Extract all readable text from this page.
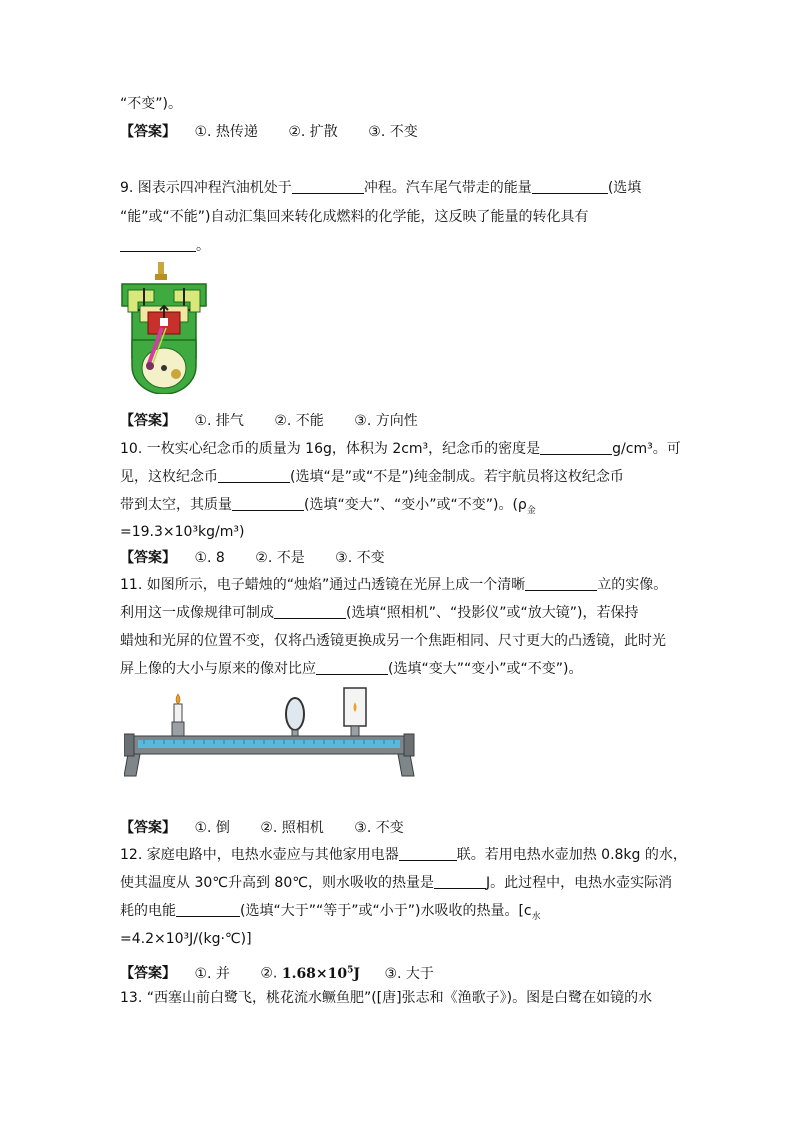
“不变”)。
【答案】 ①. 热传递 ②. 扩散 ③. 不变
9. 图表示四冲程汽油机处于	冲程。汽车尾气带走的能量	(选填
“能”或“不能”)自动汇集回来转化成燃料的化学能，这反映了能量的转化具有
。
【答案】 ①. 排气 ②. 不能 ③. 方向性
10. 一枚实心纪念币的质量为 16g，体积为 2cm³，纪念币的密度是	g/cm³。可
见，这枚纪念币	(选填“是”或“不是”)纯金制成。若宇航员将这枚纪念币
带到太空，其质量	(选填“变大”、“变小”或“不变”)。($\rho_金$
=19.3×10³kg/m³)
【答案】 ①. 8 ②. 不是 ③. 不变
11. 如图所示，电子蜡烛的“烛焰”通过凸透镜在光屏上成一个清晰	立的实像。
利用这一成像规律可制成	(选填“照相机”、“投影仪”或“放大镜”)，若保持
蜡烛和光屏的位置不变，仅将凸透镜更换成另一个焦距相同、尺寸更大的凸透镜，此时光
屏上像的大小与原来的像对比应	(选填“变大”“变小”或“不变”)。
【答案】 ①. 倒 ②. 照相机 ③. 不变
12. 家庭电路中，电热水壶应与其他家用电器	联。若用电热水壶加热 0.8kg 的水，
使其温度从 30℃升高到 80℃，则水吸收的热量是	J。此过程中，电热水壶实际消
耗的电能	(选填“大于”“等于”或“小于”)水吸收的热量。[$c_水$
=4.2×10³J/(kg·℃)]
【答案】 ①. 并 ②. $1.68\times 10^5J$ ③. 大于
13. “西塞山前白鹭飞，桃花流水鳜鱼肥”([唐]张志和《渔歌子》)。图是白鹭在如镜的水
